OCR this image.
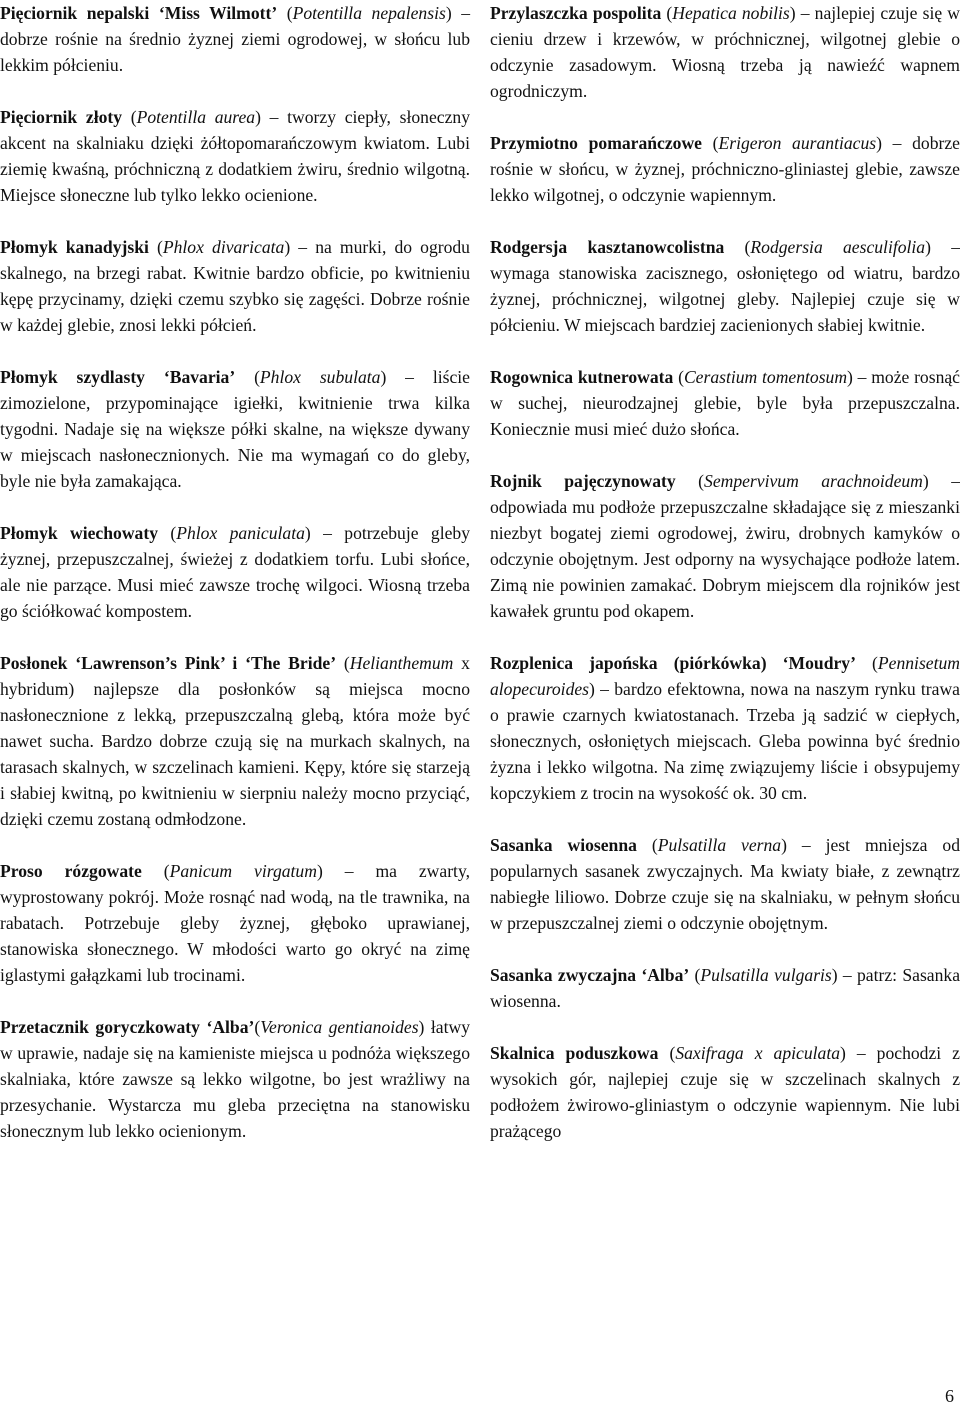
Pięciornik nepalski ‘Miss Wilmott’ (Potentilla nepalensis) – dobrze rośnie na średnio żyznej ziemi ogrodowej, w słońcu lub lekkim półcieniu.

Pięciornik złoty (Potentilla aurea) – tworzy ciepły, słoneczny akcent na skalniaku dzięki żółtopomarańczowym kwiatom. Lubi ziemię kwaśną, próchniczną z dodatkiem żwiru, średnio wilgotną. Miejsce słoneczne lub tylko lekko ocienione.

Płomyk kanadyjski (Phlox divaricata) – na murki, do ogrodu skalnego, na brzegi rabat. Kwitnie bardzo obficie, po kwitnieniu kępę przycinamy, dzięki czemu szybko się zagęści. Dobrze rośnie w każdej glebie, znosi lekki półcień.

Płomyk szydlasty ‘Bavaria’ (Phlox subulata) – liście zimozielone, przypominające igiełki, kwitnienie trwa kilka tygodni. Nadaje się na większe półki skalne, na większe dywany w miejscach nasłonecznionych. Nie ma wymagań co do gleby, byle nie była zamakająca.

Płomyk wiechowaty (Phlox paniculata) – potrzebuje gleby żyznej, przepuszczalnej, świeżej z dodatkiem torfu. Lubi słońce, ale nie parzące. Musi mieć zawsze trochę wilgoci. Wiosną trzeba go ściółkować kompostem.

Posłonek ‘Lawrenson’s Pink’ i ‘The Bride’ (Helianthemum x hybridum) najlepsze dla posłonków są miejsca mocno nasłonecznione z lekką, przepuszczalną glebą, która może być nawet sucha. Bardzo dobrze czują się na murkach skalnych, na tarasach skalnych, w szczelinach kamieni. Kępy, które się starzeją i słabiej kwitną, po kwitnieniu w sierpniu należy mocno przyciąć, dzięki czemu zostaną odmłodzone.

Proso rózgowate (Panicum virgatum) – ma zwarty, wyprostowany pokrój. Może rosnąć nad wodą, na tle trawnika, na rabatach. Potrzebuje gleby żyznej, głęboko uprawianej, stanowiska słonecznego. W młodości warto go okryć na zimę iglastymi gałązkami lub trocinami.

Przetacznik goryczkowaty ‘Alba’(Veronica gentianoides) łatwy w uprawie, nadaje się na kamieniste miejsca u podnóża większego skalniaka, które zawsze są lekko wilgotne, bo jest wrażliwy na przesychanie. Wystarcza mu gleba przeciętna na stanowisku słonecznym lub lekko ocienionym.

Przylaszczka pospolita (Hepatica nobilis) – najlepiej czuje się w cieniu drzew i krzewów, w próchnicznej, wilgotnej glebie o odczynie zasadowym. Wiosną trzeba ją nawieźć wapnem ogrodniczym.

Przymiotno pomarańczowe (Erigeron aurantiacus) – dobrze rośnie w słońcu, w żyznej, próchniczno-gliniastej glebie, zawsze lekko wilgotnej, o odczynie wapiennym.

Rodgersja kasztanowcolistna (Rodgersia aesculifolia) – wymaga stanowiska zacisznego, osłoniętego od wiatru, bardzo żyznej, próchnicznej, wilgotnej gleby. Najlepiej czuje się w półcieniu. W miejscach bardziej zacienionych słabiej kwitnie.

Rogownica kutnerowata (Cerastium tomentosum) – może rosnąć w suchej, nieurodzajnej glebie, byle była przepuszczalna. Koniecznie musi mieć dużo słońca.

Rojnik pajęczynowaty (Sempervivum arachnoideum) – odpowiada mu podłoże przepuszczalne składające się z mieszanki niezbyt bogatej ziemi ogrodowej, żwiru, drobnych kamyków o odczynie obojętnym. Jest odporny na wysychające podłoże latem. Zimą nie powinien zamakać. Dobrym miejscem dla rojników jest kawałek gruntu pod okapem.

Rozplenica japońska (piórkówka) ‘Moudry’ (Pennisetum alopecuroides) – bardzo efektowna, nowa na naszym rynku trawa o prawie czarnych kwiatostanach. Trzeba ją sadzić w ciepłych, słonecznych, osłoniętych miejscach. Gleba powinna być średnio żyzna i lekko wilgotna. Na zimę związujemy liście i obsypujemy kopczykiem z trocin na wysokość ok. 30 cm.

Sasanka wiosenna (Pulsatilla verna) – jest mniejsza od popularnych sasanek zwyczajnych. Ma kwiaty białe, z zewnątrz nabiegłe liliowo. Dobrze czuje się na skalniaku, w pełnym słońcu w przepuszczalnej ziemi o odczynie obojętnym.

Sasanka zwyczajna ‘Alba’ (Pulsatilla vulgaris) – patrz: Sasanka wiosenna.

Skalnica poduszkowa (Saxifraga x apiculata) – pochodzi z wysokich gór, najlepiej czuje się w szczelinach skalnych z podłożem żwirowo-gliniastym o odczynie wapiennym. Nie lubi prażącego

6
